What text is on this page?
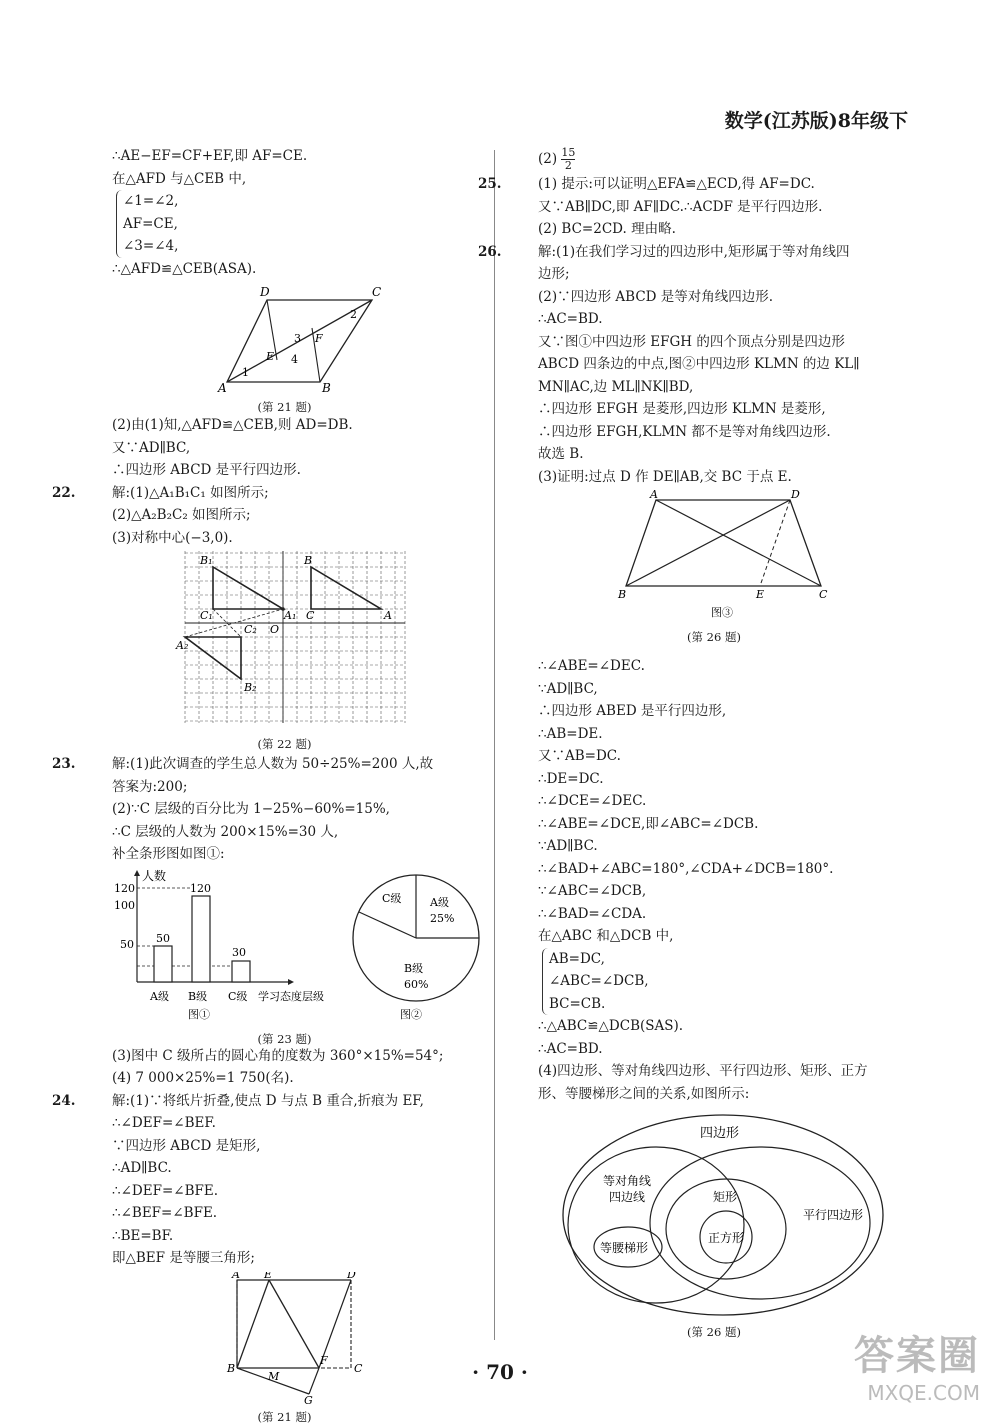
数学(江苏版)8年级下
∴AE−EF=CF+EF,即 AF=CE.
在△AFD 与△CEB 中,
∠1=∠2,
AF=CE,
∠3=∠4,
∴△AFD≌△CEB(ASA).
D	C
A	B
E
F
1
2
3
4
(第 21 题)
(2)由(1)知,△AFD≌△CEB,则 AD=DB.
又∵AD∥BC,
∴四边形 ABCD 是平行四边形.
22.	解:(1)△A₁B₁C₁ 如图所示;
(2)△A₂B₂C₂ 如图所示;
(3)对称中心(−3,0).
B₁	B
C₁	A₁ C	A
C₂ O
A₂
B₂
(第 22 题)
23.	解:(1)此次调查的学生总人数为 50÷25%=200 人,故
答案为:200;
(2)∵C 层级的百分比为 1−25%−60%=15%,
∴C 层级的人数为 200×15%=30 人,
补全条形图如图①:
人数
120
100
50 50
120
30
A级 B级 C级 学习态度层级
图①
C级	A级
25%
B级
60%
图②
(第 23 题)
(3)图中 C 级所占的圆心角的度数为 360°×15%=54°;
(4) 7 000×25%=1 750(名).
24.	解:(1)∵将纸片折叠,使点 D 与点 B 重合,折痕为 EF,
∴∠DEF=∠BEF.
∵四边形 ABCD 是矩形,
∴AD∥BC.
∴∠DEF=∠BFE.
∴∠BEF=∠BFE.
∴BE=BF.
即△BEF 是等腰三角形;
A E	D
B
M
F
C
G
(第 21 题)
$(2) \frac{15}{2}$
25.	(1) 提示:可以证明△EFA≌△ECD,得 AF=DC.
又∵AB∥DC,即 AF∥DC.∴ACDF 是平行四边形.
(2) BC=2CD. 理由略.
26.	解:(1)在我们学习过的四边形中,矩形属于等对角线四
边形;
(2)∵四边形 ABCD 是等对角线四边形.
∴AC=BD.
又∵图①中四边形 EFGH 的四个顶点分别是四边形
ABCD 四条边的中点,图②中四边形 KLMN 的边 KL∥
MN∥AC,边 ML∥NK∥BD,
∴四边形 EFGH 是菱形,四边形 KLMN 是菱形,
∴四边形 EFGH,KLMN 都不是等对角线四边形.
故选 B.
(3)证明:过点 D 作 DE∥AB,交 BC 于点 E.
A	D
B	E	C
图③
(第 26 题)
∴∠ABE=∠DEC.
∵AD∥BC,
∴四边形 ABED 是平行四边形,
∴AB=DE.
又∵AB=DC.
∴DE=DC.
∴∠DCE=∠DEC.
∴∠ABE=∠DCE,即∠ABC=∠DCB.
∵AD∥BC.
∴∠BAD+∠ABC=180°,∠CDA+∠DCB=180°.
∵∠ABC=∠DCB,
∴∠BAD=∠CDA.
在△ABC 和△DCB 中,
AB=DC,
∠ABC=∠DCB,
BC=CB.
∴△ABC≌△DCB(SAS).
∴AC=BD.
(4)四边形、等对角线四边形、平行四边形、矩形、正方
形、等腰梯形之间的关系,如图所示:
四边形
等对角线
四边线	矩形
平行四边形
正方形
等腰梯形
(第 26 题)
· 70 ·	答案圈
MXQE.COM
